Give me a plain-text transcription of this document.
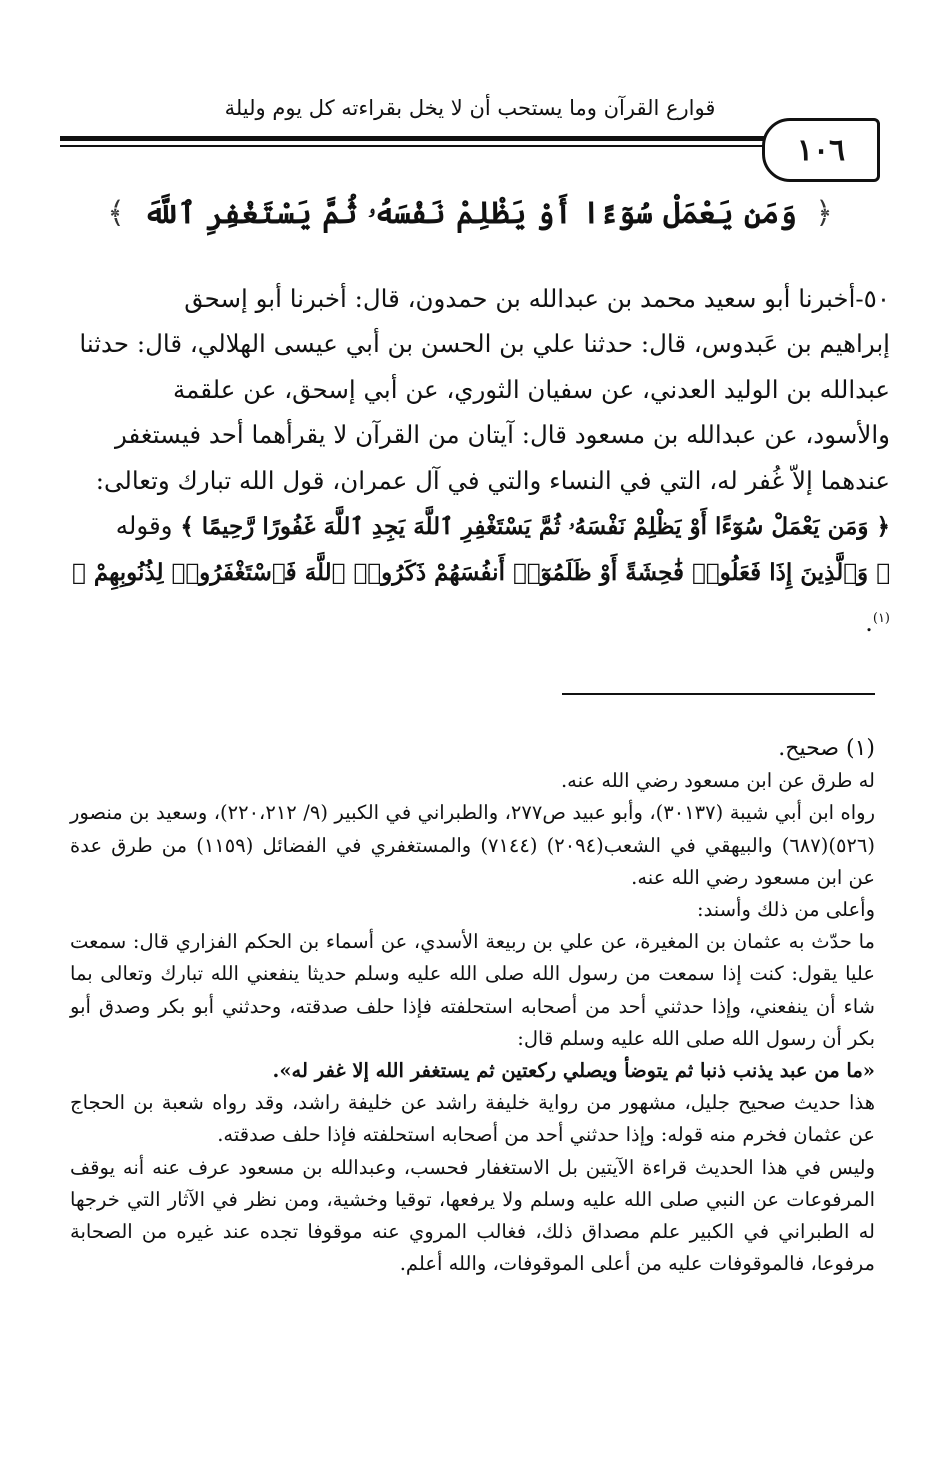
قوارع القرآن وما يستحب أن لا يخل بقراءته كل يوم وليلة
١٠٦
﴿ وَمَن يَعْمَلْ سُوٓءًا أَوْ يَظْلِمْ نَفْسَهُۥ ثُمَّ يَسْتَغْفِرِ ٱللَّهَ ﴾

٥٠-أخبرنا أبو سعيد محمد بن عبدالله بن حمدون، قال: أخبرنا أبو إسحق

إبراهيم بن عَبدوس، قال: حدثنا علي بن الحسن بن أبي عيسى الهلالي، قال: حدثنا

عبدالله بن الوليد العدني، عن سفيان الثوري، عن أبي إسحق، عن علقمة

والأسود، عن عبدالله بن مسعود قال: آيتان من القرآن لا يقرأهما أحد فيستغفر

عندهما إلاّ غُفر له، التي في النساء والتي في آل عمران، قول الله تبارك وتعالى:

﴿ وَمَن يَعْمَلْ سُوٓءًا أَوْ يَظْلِمْ نَفْسَهُۥ ثُمَّ يَسْتَغْفِرِ ٱللَّهَ يَجِدِ ٱللَّهَ غَفُورًا رَّحِيمًا ﴾ وقوله

﴿ وَٱلَّذِينَ إِذَا فَعَلُوا۟ فَٰحِشَةً أَوْ ظَلَمُوٓا۟ أَنفُسَهُمْ ذَكَرُوا۟ ٱللَّهَ فَٱسْتَغْفَرُوا۟ لِذُنُوبِهِمْ ﴾$^{(١)}$.

(١) صحيح.

له طرق عن ابن مسعود رضي الله عنه.

رواه ابن أبي شيبة (٣٠١٣٧)، وأبو عبيد ص٢٧٧، والطبراني في الكبير (٩/ ٢٢٠،٢١٢)، وسعيد بن منصور (٥٢٦)(٦٨٧) والبيهقي في الشعب(٢٠٩٤) (٧١٤٤) والمستغفري في الفضائل (١١٥٩) من طرق عدة عن ابن مسعود رضي الله عنه.

وأعلى من ذلك وأسند:

ما حدّث به عثمان بن المغيرة، عن علي بن ربيعة الأسدي، عن أسماء بن الحكم الفزاري قال: سمعت عليا يقول: كنت إذا سمعت من رسول الله صلى الله عليه وسلم حديثا ينفعني الله تبارك وتعالى بما شاء أن ينفعني، وإذا حدثني أحد من أصحابه استحلفته فإذا حلف صدقته، وحدثني أبو بكر وصدق أبو بكر أن رسول الله صلى الله عليه وسلم قال:

«ما من عبد يذنب ذنبا ثم يتوضأ ويصلي ركعتين ثم يستغفر الله إلا غفر له».

هذا حديث صحيح جليل، مشهور من رواية خليفة راشد عن خليفة راشد، وقد رواه شعبة بن الحجاج عن عثمان فخرم منه قوله: وإذا حدثني أحد من أصحابه استحلفته فإذا حلف صدقته.

وليس في هذا الحديث قراءة الآيتين بل الاستغفار فحسب، وعبدالله بن مسعود عرف عنه أنه يوقف المرفوعات عن النبي صلى الله عليه وسلم ولا يرفعها، توقيا وخشية، ومن نظر في الآثار التي خرجها له الطبراني في الكبير علم مصداق ذلك، فغالب المروي عنه موقوفا تجده عند غيره من الصحابة مرفوعا، فالموقوفات عليه من أعلى الموقوفات، والله أعلم.
